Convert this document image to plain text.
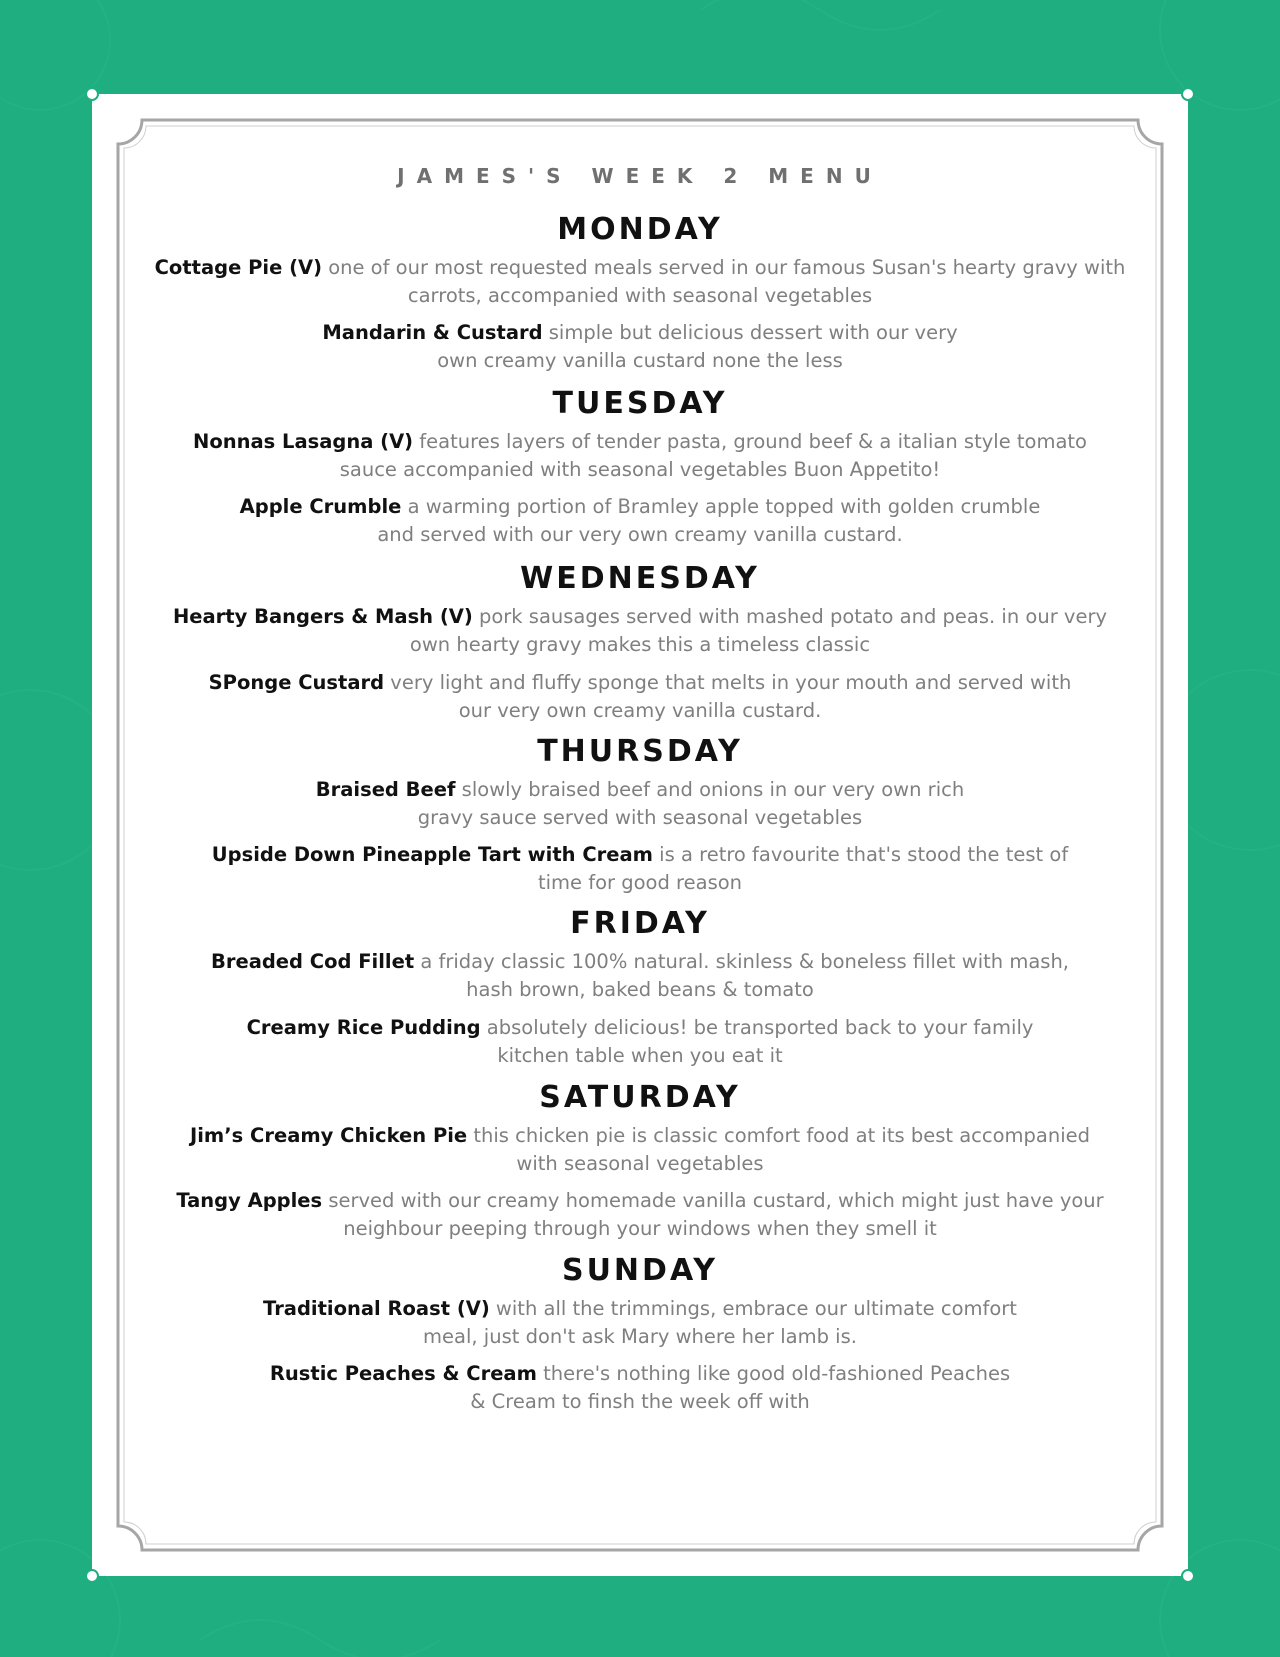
JAMES'S WEEK 2 MENU
MONDAY
Cottage Pie (V) one of our most requested meals served in our famous Susan's hearty gravy with carrots, accompanied with seasonal vegetables
Mandarin & Custard simple but delicious dessert with our very own creamy vanilla custard none the less
TUESDAY
Nonnas Lasagna (V) features layers of tender pasta, ground beef & a italian style tomato sauce accompanied with seasonal vegetables Buon Appetito!
Apple Crumble a warming portion of Bramley apple topped with golden crumble and served with our very own creamy vanilla custard.
WEDNESDAY
Hearty Bangers & Mash (V) pork sausages served with mashed potato and peas. in our very own hearty gravy makes this a timeless classic
SPonge Custard very light and fluffy sponge that melts in your mouth and served with our very own creamy vanilla custard.
THURSDAY
Braised Beef slowly braised beef and onions in our very own rich gravy sauce served with seasonal vegetables
Upside Down Pineapple Tart with Cream is a retro favourite that's stood the test of time for good reason
FRIDAY
Breaded Cod Fillet a friday classic 100% natural. skinless & boneless fillet with mash, hash brown, baked beans & tomato
Creamy Rice Pudding absolutely delicious! be transported back to your family kitchen table when you eat it
SATURDAY
Jim’s Creamy Chicken Pie this chicken pie is classic comfort food at its best accompanied with seasonal vegetables
Tangy Apples served with our creamy homemade vanilla custard, which might just have your neighbour peeping through your windows when they smell it
SUNDAY
Traditional Roast (V) with all the trimmings, embrace our ultimate comfort meal, just don't ask Mary where her lamb is.
Rustic Peaches & Cream there's nothing like good old-fashioned Peaches & Cream to finsh the week off with
